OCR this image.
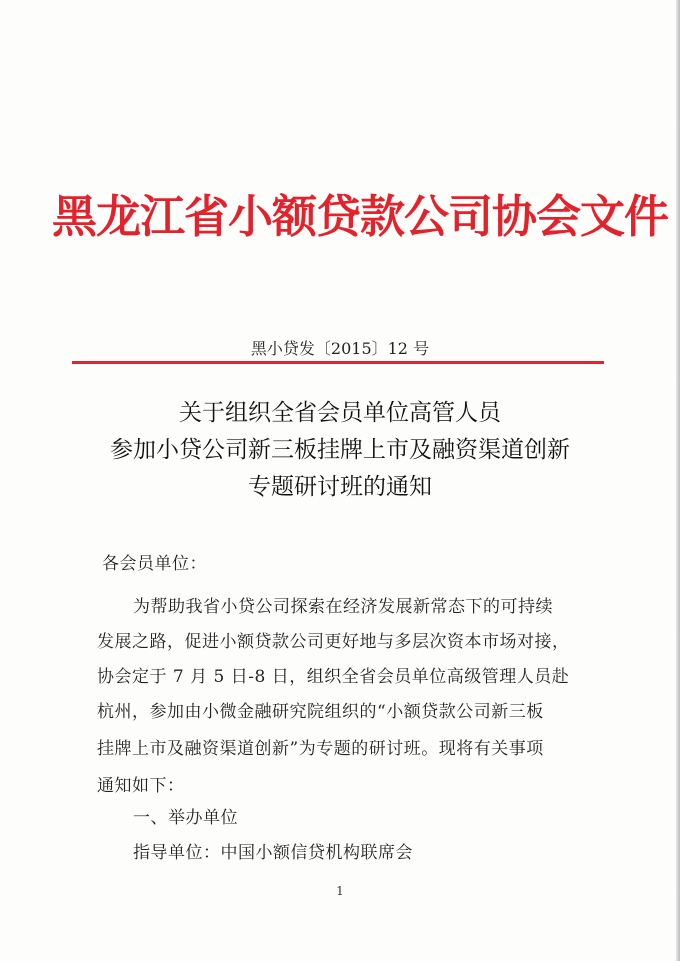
黑龙江省小额贷款公司协会文件
黑小贷发〔2015〕12 号
关于组织全省会员单位高管人员
参加小贷公司新三板挂牌上市及融资渠道创新
专题研讨班的通知
各会员单位：
为帮助我省小贷公司探索在经济发展新常态下的可持续
发展之路，促进小额贷款公司更好地与多层次资本市场对接，
协会定于 7 月 5 日-8 日，组织全省会员单位高级管理人员赴
杭州，参加由小微金融研究院组织的“小额贷款公司新三板
挂牌上市及融资渠道创新”为专题的研讨班。现将有关事项
通知如下：
一、举办单位
指导单位：中国小额信贷机构联席会
1
